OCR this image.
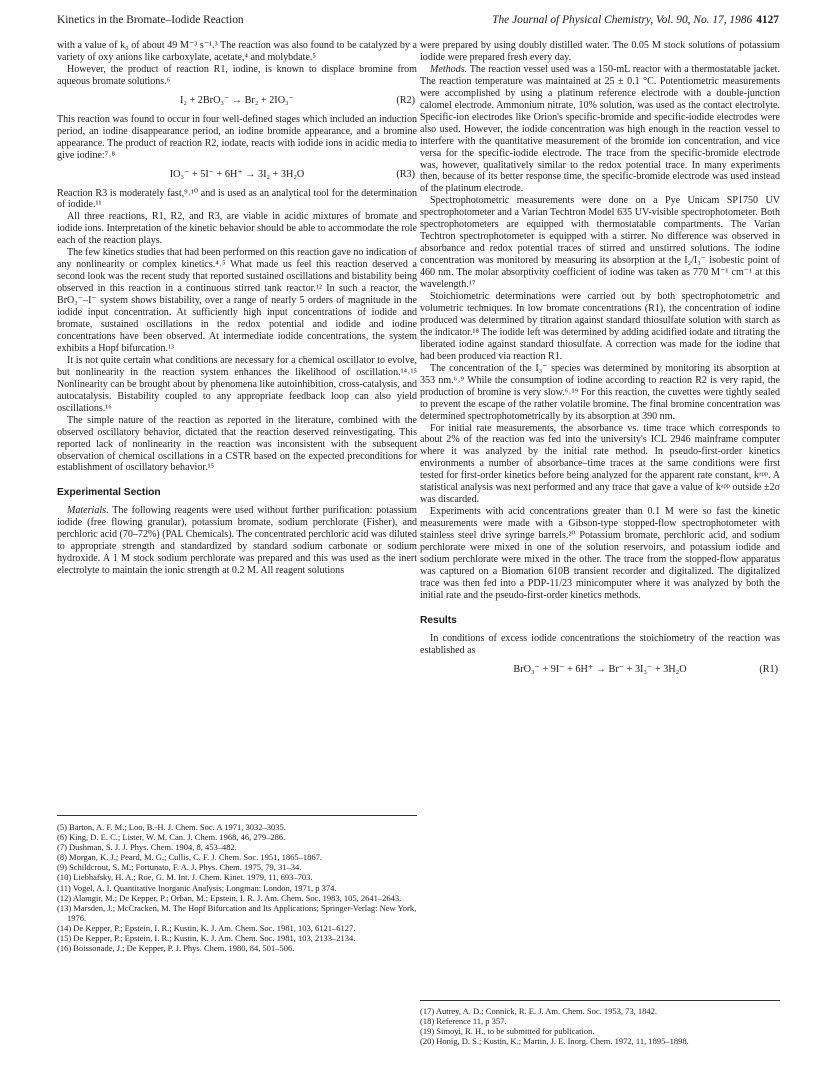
Kinetics in the Bromate–Iodide Reaction	The Journal of Physical Chemistry, Vol. 90, No. 17, 1986 4127

with a value of k₀ of about 49 M⁻³ s⁻¹.³ The reaction was also found to be catalyzed by a variety of oxy anions like carboxylate, acetate,⁴ and molybdate.⁵

However, the product of reaction R1, iodine, is known to displace bromine from aqueous bromate solutions.⁶

I₂ + 2BrO₃⁻ → Br₂ + 2IO₃⁻	(R2)

This reaction was found to occur in four well-defined stages which included an induction period, an iodine disappearance period, an iodine bromide appearance, and a bromine appearance. The product of reaction R2, iodate, reacts with iodide ions in acidic media to give iodine:⁷˒⁸

IO₃⁻ + 5I⁻ + 6H⁺ → 3I₂ + 3H₂O	(R3)

Reaction R3 is moderately fast,⁹˒¹⁰ and is used as an analytical tool for the determination of iodide.¹¹

All three reactions, R1, R2, and R3, are viable in acidic mixtures of bromate and iodide ions. Interpretation of the kinetic behavior should be able to accommodate the role each of the reaction plays.

The few kinetics studies that had been performed on this reaction gave no indication of any nonlinearity or complex kinetics.⁴˒⁵ What made us feel this reaction deserved a second look was the recent study that reported sustained oscillations and bistability being observed in this reaction in a continuous stirred tank reactor.¹² In such a reactor, the BrO₃⁻–I⁻ system shows bistability, over a range of nearly 5 orders of magnitude in the iodide input concentration. At sufficiently high input concentrations of iodide and bromate, sustained oscillations in the redox potential and iodide and iodine concentrations have been observed. At intermediate iodide concentrations, the system exhibits a Hopf bifurcation.¹³

It is not quite certain what conditions are necessary for a chemical oscillator to evolve, but nonlinearity in the reaction system enhances the likelihood of oscillation.¹⁴˒¹⁵ Nonlinearity can be brought about by phenomena like autoinhibition, cross-catalysis, and autocatalysis. Bistability coupled to any appropriate feedback loop can also yield oscillations.¹⁶

The simple nature of the reaction as reported in the literature, combined with the observed oscillatory behavior, dictated that the reaction deserved reinvestigating. This reported lack of nonlinearity in the reaction was inconsistent with the subsequent observation of chemical oscillations in a CSTR based on the expected preconditions for establishment of oscillatory behavior.¹⁵

Experimental Section

Materials. The following reagents were used without further purification: potassium iodide (free flowing granular), potassium bromate, sodium perchlorate (Fisher), and perchloric acid (70–72%) (PAL Chemicals). The concentrated perchloric acid was diluted to appropriate strength and standardized by standard sodium carbonate or sodium hydroxide. A 1 M stock sodium perchlorate was prepared and this was used as the inert electrolyte to maintain the ionic strength at 0.2 M. All reagent solutions

(5) Barton, A. F. M.; Loo, B.-H. J. Chem. Soc. A 1971, 3032–3035.

(6) King, D. E. C.; Lister, W. M. Can. J. Chem. 1968, 46, 279–286.

(7) Dushman, S. J. J. Phys. Chem. 1904, 8, 453–482.

(8) Morgan, K. J.; Peard, M. G.; Cullis, C. F. J. Chem. Soc. 1951, 1865–1867.

(9) Schildcrout, S. M.; Fortunato, F. A. J. Phys. Chem. 1975, 79, 31–34.

(10) Liebhafsky, H. A.; Roe, G. M. Int. J. Chem. Kinet. 1979, 11, 693–703.

(11) Vogel, A. I. Quantitative Inorganic Analysis; Longman: London, 1971, p 374.

(12) Alamgir, M.; De Kepper, P.; Orban, M.; Epstein, I. R. J. Am. Chem. Soc. 1983, 105, 2641–2643.

(13) Marsden, J.; McCracken, M. The Hopf Bifurcation and Its Applications; Springer-Verlag: New York, 1976.

(14) De Kepper, P.; Epstein, I. R.; Kustin, K. J. Am. Chem. Soc. 1981, 103, 6121–6127.

(15) De Kepper, P.; Epstein, I. R.; Kustin, K. J. Am. Chem. Soc. 1981, 103, 2133–2134.

(16) Boissonade, J.; De Kepper, P. J. Phys. Chem. 1980, 84, 501–506.

were prepared by using doubly distilled water. The 0.05 M stock solutions of potassium iodide were prepared fresh every day.

Methods. The reaction vessel used was a 150-mL reactor with a thermostatable jacket. The reaction temperature was maintained at 25 ± 0.1 °C. Potentiometric measurements were accomplished by using a platinum reference electrode with a double-junction calomel electrode. Ammonium nitrate, 10% solution, was used as the contact electrolyte. Specific-ion electrodes like Orion's specific-bromide and specific-iodide electrodes were also used. However, the iodide concentration was high enough in the reaction vessel to interfere with the quantitative measurement of the bromide ion concentration, and vice versa for the specific-iodide electrode. The trace from the specific-bromide electrode was, however, qualitatively similar to the redox potential trace. In many experiments then, because of its better response time, the specific-bromide electrode was used instead of the platinum electrode.

Spectrophotometric measurements were done on a Pye Unicam SP1750 UV spectrophotometer and a Varian Techtron Model 635 UV-visible spectrophotometer. Both spectrophotometers are equipped with thermostatable compartments. The Varian Techtron spectrophotometer is equipped with a stirrer. No difference was observed in absorbance and redox potential traces of stirred and unstirred solutions. The iodine concentration was monitored by measuring its absorption at the I₂/I₃⁻ isobestic point of 460 nm. The molar absorptivity coefficient of iodine was taken as 770 M⁻¹ cm⁻¹ at this wavelength.¹⁷

Stoichiometric determinations were carried out by both spectrophotometric and volumetric techniques. In low bromate concentrations (R1), the concentration of iodine produced was determined by titration against standard thiosulfate solution with starch as the indicator.¹⁸ The iodide left was determined by adding acidified iodate and titrating the liberated iodine against standard thiosulfate. A correction was made for the iodine that had been produced via reaction R1.

The concentration of the I₃⁻ species was determined by monitoring its absorption at 353 nm.⁶˒⁹ While the consumption of iodine according to reaction R2 is very rapid, the production of bromine is very slow.⁶˒¹⁹ For this reaction, the cuvettes were tightly sealed to prevent the escape of the rather volatile bromine. The final bromine concentration was determined spectrophotometrically by its absorption at 390 nm.

For initial rate measurements, the absorbance vs. time trace which corresponds to about 2% of the reaction was fed into the university's ICL 2946 mainframe computer where it was analyzed by the initial rate method. In pseudo-first-order kinetics environments a number of absorbance–time traces at the same conditions were first tested for first-order kinetics before being analyzed for the apparent rate constant, kᵃᵖᵖ. A statistical analysis was next performed and any trace that gave a value of kᵃᵖᵖ outside ±2σ was discarded.

Experiments with acid concentrations greater than 0.1 M were so fast the kinetic measurements were made with a Gibson-type stopped-flow spectrophotometer with stainless steel drive syringe barrels.²⁰ Potassium bromate, perchloric acid, and sodium perchlorate were mixed in one of the solution reservoirs, and potassium iodide and sodium perchlorate were mixed in the other. The trace from the stopped-flow apparatus was captured on a Biomation 610B transient recorder and digitalized. The digitalized trace was then fed into a PDP-11/23 minicomputer where it was analyzed by both the initial rate and the pseudo-first-order kinetics methods.

Results

In conditions of excess iodide concentrations the stoichiometry of the reaction was established as

BrO₃⁻ + 9I⁻ + 6H⁺ → Br⁻ + 3I₃⁻ + 3H₂O	(R1)

(17) Autrey, A. D.; Connick, R. E. J. Am. Chem. Soc. 1953, 73, 1842.

(18) Reference 11, p 357.

(19) Simoyi, R. H., to be submitted for publication.

(20) Honig, D. S.; Kustin, K.; Martin, J. E. Inorg. Chem. 1972, 11, 1895–1898.
